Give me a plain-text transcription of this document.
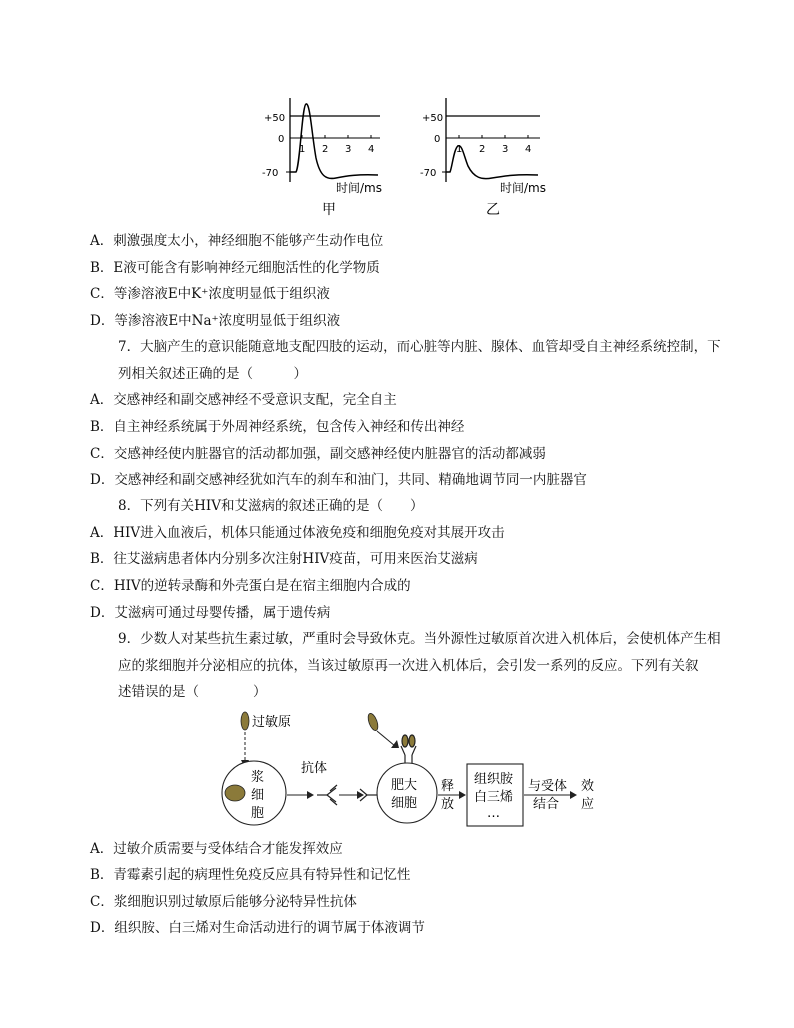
+50
0
-70
1 2 3 4
时间/ms
甲
+50
0
-70
1 2 3 4
时间/ms
乙
A．刺激强度太小，神经细胞不能够产生动作电位
B．E液可能含有影响神经元细胞活性的化学物质
C．等渗溶液E中K⁺浓度明显低于组织液
D．等渗溶液E中Na⁺浓度明显低于组织液
7．大脑产生的意识能随意地支配四肢的运动，而心脏等内脏、腺体、血管却受自主神经系统控制，下
列相关叙述正确的是（　　　）
A．交感神经和副交感神经不受意识支配，完全自主
B．自主神经系统属于外周神经系统，包含传入神经和传出神经
C．交感神经使内脏器官的活动都加强，副交感神经使内脏器官的活动都减弱
D．交感神经和副交感神经犹如汽车的刹车和油门，共同、精确地调节同一内脏器官
8．下列有关HIV和艾滋病的叙述正确的是（　　）
A．HIV进入血液后，机体只能通过体液免疫和细胞免疫对其展开攻击
B．往艾滋病患者体内分别多次注射HIV疫苗，可用来医治艾滋病
C．HIV的逆转录酶和外壳蛋白是在宿主细胞内合成的
D．艾滋病可通过母婴传播，属于遗传病
9．少数人对某些抗生素过敏，严重时会导致休克。当外源性过敏原首次进入机体后，会使机体产生相
应的浆细胞并分泌相应的抗体，当该过敏原再一次进入机体后，会引发一系列的反应。下列有关叙
述错误的是（　　　　）
过敏原
浆
细
胞
抗体
肥大
细胞
释
放
组织胺
白三烯
…
与受体
结合
效
应
A．过敏介质需要与受体结合才能发挥效应
B．青霉素引起的病理性免疫反应具有特异性和记忆性
C．浆细胞识别过敏原后能够分泌特异性抗体
D．组织胺、白三烯对生命活动进行的调节属于体液调节
